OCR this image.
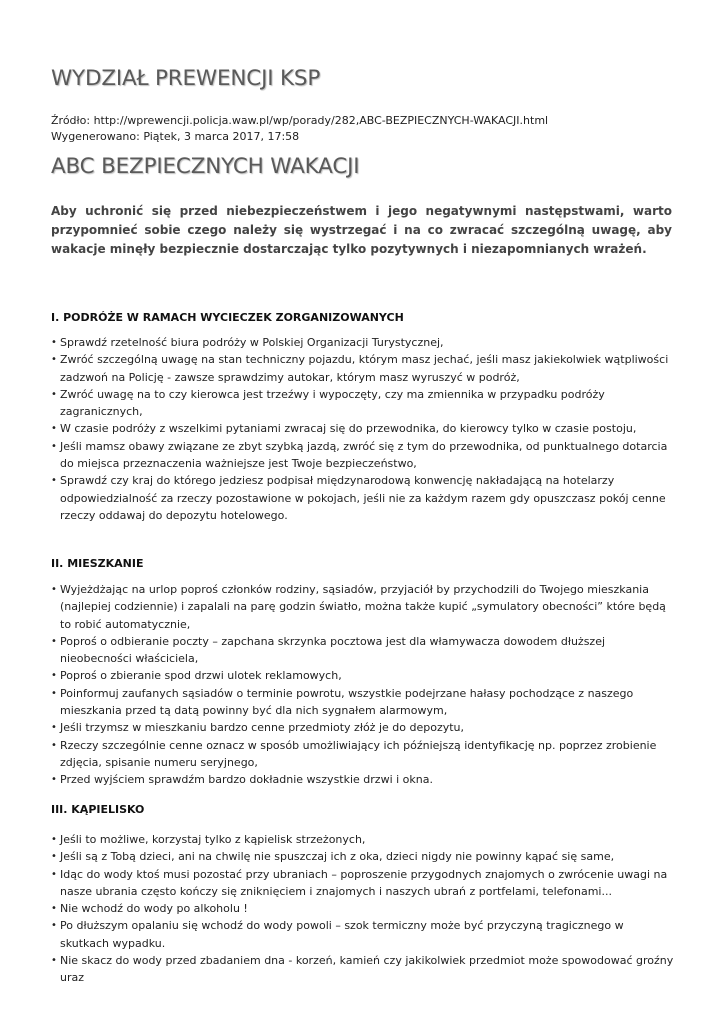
WYDZIAŁ PREWENCJI KSP
Źródło: http://wprewencji.policja.waw.pl/wp/porady/282,ABC-BEZPIECZNYCH-WAKACJI.html
Wygenerowano: Piątek, 3 marca 2017, 17:58
ABC BEZPIECZNYCH WAKACJI

Aby uchronić się przed niebezpieczeństwem i jego negatywnymi następstwami, warto przypomnieć sobie czego należy się wystrzegać i na co zwracać szczególną uwagę, aby wakacje minęły bezpiecznie dostarczając tylko pozytywnych i niezapomnianych wrażeń.

I. PODRÓŻE W RAMACH WYCIECZEK ZORGANIZOWANYCH
• Sprawdź rzetelność biura podróży w Polskiej Organizacji Turystycznej,
• Zwróć szczególną uwagę na stan techniczny pojazdu, którym masz jechać, jeśli masz jakiekolwiek wątpliwości zadzwoń na Policję - zawsze sprawdzimy autokar, którym masz wyruszyć w podróż,
• Zwróć uwagę na to czy kierowca jest trzeźwy i wypoczęty, czy ma zmiennika w przypadku podróży zagranicznych,
• W czasie podróży z wszelkimi pytaniami zwracaj się do przewodnika, do kierowcy tylko w czasie postoju,
• Jeśli mamsz obawy związane ze zbyt szybką jazdą, zwróć się z tym do przewodnika, od punktualnego dotarcia do miejsca przeznaczenia ważniejsze jest Twoje bezpieczeństwo,
• Sprawdź czy kraj do którego jedziesz podpisał międzynarodową konwencję nakładającą na hotelarzy odpowiedzialność za rzeczy pozostawione w pokojach, jeśli nie za każdym razem gdy opuszczasz pokój cenne rzeczy oddawaj do depozytu hotelowego.
II. MIESZKANIE
• Wyjeżdżając na urlop poproś członków rodziny, sąsiadów, przyjaciół by przychodzili do Twojego mieszkania (najlepiej codziennie) i zapalali na parę godzin światło, można także kupić „symulatory obecności” które będą to robić automatycznie,
• Poproś o odbieranie poczty – zapchana skrzynka pocztowa jest dla włamywacza dowodem dłuższej nieobecności właściciela,
• Poproś o zbieranie spod drzwi ulotek reklamowych,
• Poinformuj zaufanych sąsiadów o terminie powrotu, wszystkie podejrzane hałasy pochodzące z naszego mieszkania przed tą datą powinny być dla nich sygnałem alarmowym,
• Jeśli trzymsz w mieszkaniu bardzo cenne przedmioty złóż je do depozytu,
• Rzeczy szczególnie cenne oznacz w sposób umożliwiający ich późniejszą identyfikację np. poprzez zrobienie zdjęcia, spisanie numeru seryjnego,
• Przed wyjściem sprawdźm bardzo dokładnie wszystkie drzwi i okna.
III. KĄPIELISKO
• Jeśli to możliwe, korzystaj tylko z kąpielisk strzeżonych,
• Jeśli są z Tobą dzieci, ani na chwilę nie spuszczaj ich z oka, dzieci nigdy nie powinny kąpać się same,
• Idąc do wody ktoś musi pozostać przy ubraniach – poproszenie przygodnych znajomych o zwrócenie uwagi na nasze ubrania często kończy się zniknięciem i znajomych i naszych ubrań z portfelami, telefonami...
• Nie wchodź do wody po alkoholu !
• Po dłuższym opalaniu się wchodź do wody powoli – szok termiczny może być przyczyną tragicznego w skutkach wypadku.
• Nie skacz do wody przed zbadaniem dna - korzeń, kamień czy jakikolwiek przedmiot może spowodować groźny uraz
